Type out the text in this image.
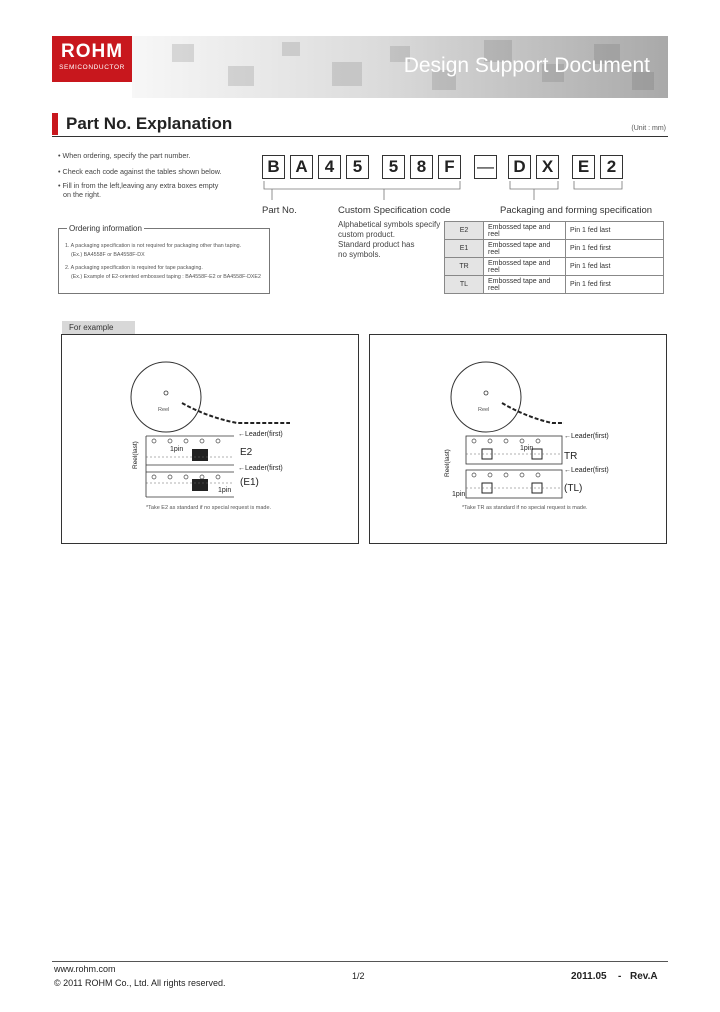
ROHM
SEMICONDUCTOR	Design Support Document
Part No. Explanation	(Unit : mm)
• When ordering, specify the part number.
• Check each code against the tables shown below.
• Fill in from the left,leaving any extra boxes empty
on the right.
B A	4	5	5	8	F	—	D X	E	2
Part No.	Custom Specification code	Packaging and forming specification
Alphabetical symbols specify
custom product.
Standard product has
no symbols.
Ordering information
1. A packaging specification is not required for packaging other than taping.
(Ex.) BA4558F or BA4558F-DX
2. A packaging specification is required for tape packaging.
(Ex.) Example of E2-oriented embossed taping : BA4558F-E2 or BA4558F-DXE2
E2	Embossed tape and reel	Pin 1 fed last
E1	Embossed tape and reel	Pin 1 fed first
TR	Embossed tape and reel	Pin 1 fed last
TL	Embossed tape and reel	Pin 1 fed first
For example
Reel
←Leader(first)
←Leader(first)
1pin
1pin
E2
(E1)
Reel(last)
*Take E2 as standard if no special request is made.
Reel
←Leader(first)
←Leader(first)
1pin
1pin
TR
(TL)
Reel(last)
*Take TR as standard if no special request is made.
www.rohm.com
© 2011 ROHM Co., Ltd. All rights reserved.
1/2	2011.05 - Rev.A
